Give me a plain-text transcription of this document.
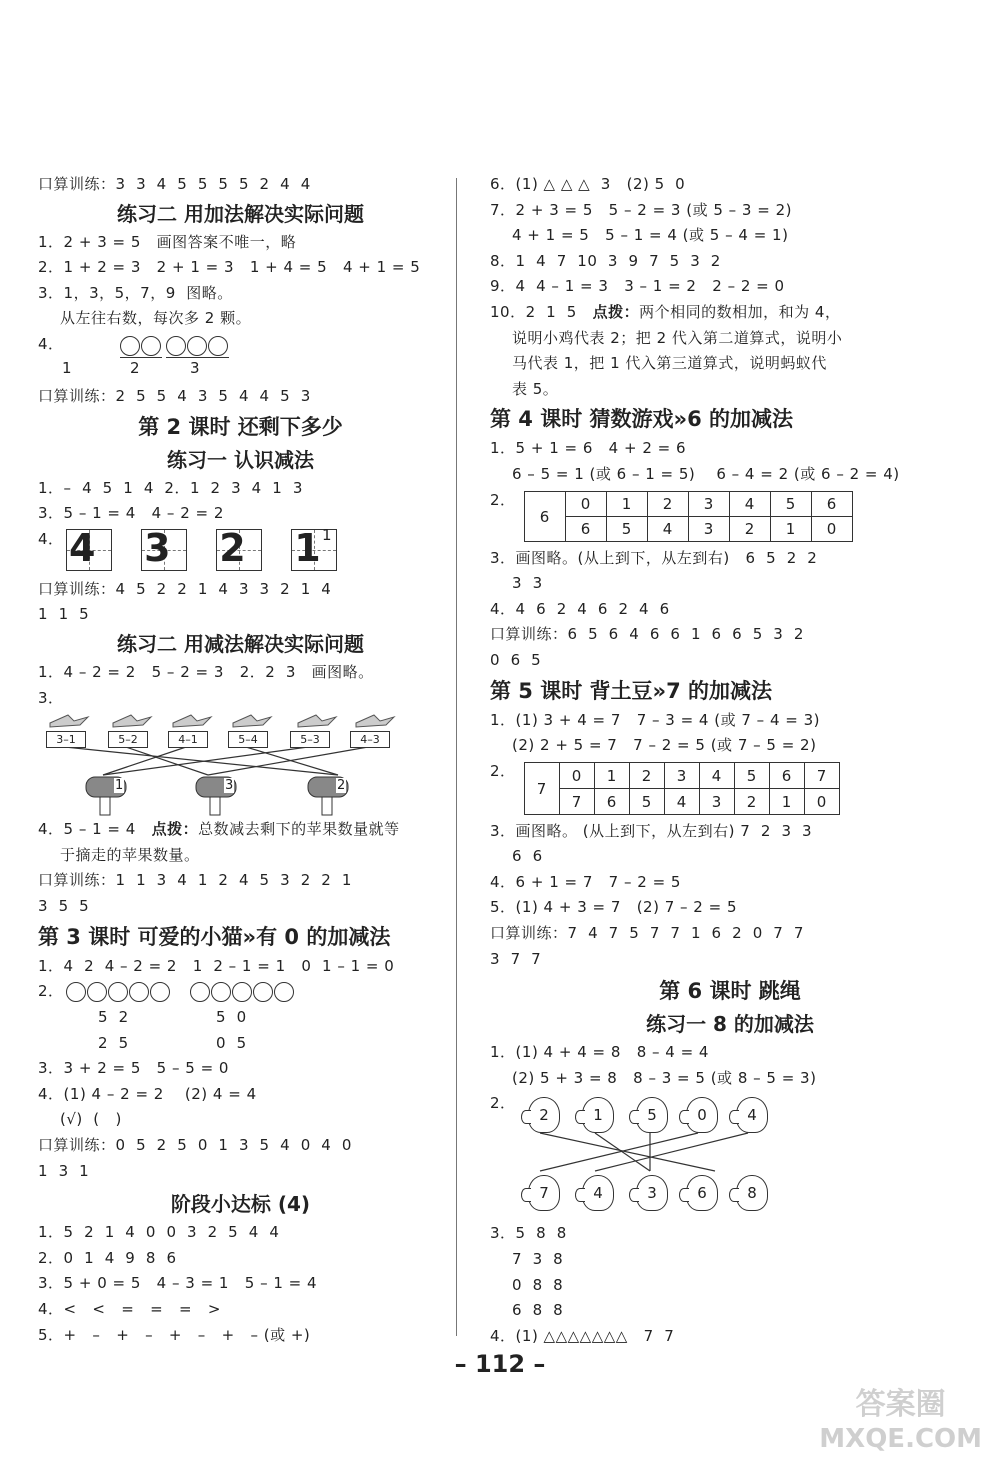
口算训练：3  3  4  5  5  5  5  2  4  4
练习二 用加法解决实际问题
1．2 + 3 = 5   画图答案不唯一，略
2．1 + 2 = 3   2 + 1 = 3   1 + 4 = 5   4 + 1 = 5
3．1，3，5，7，9  图略。
从左往右数，每次多 2 颗。
4．
1	2	3
口算训练：2  5  5  4  3  5  4  4  5  3
第 2 课时 还剩下多少
练习一 认识减法
1．–  4  5  1  4  2．1  2  3  4  1  3
3．5 – 1 = 4   4 – 2 = 2
4． 4
3
2
1 1
口算训练：4  5  2  2  1  4  3  3  2  1  4
1  1  5
练习二 用减法解决实际问题
1．4 – 2 = 2   5 – 2 = 3   2．2  3   画图略。
3．
3–1	5–2	4–1	5–4	5–3	4–3
1	3	2
4．5 – 1 = 4   点拨：总数减去剩下的苹果数量就等
于摘走的苹果数量。
口算训练：1  1  3  4  1  2  4  5  3  2  2  1
3  5  5
第 3 课时 可爱的小猫»有 0 的加减法
1．4  2  4 – 2 = 2   1  2 – 1 = 1   0  1 – 1 = 0
2．
5  2	5  0
2  5	0  5
3．3 + 2 = 5   5 – 5 = 0
4．(1) 4 – 2 = 2    (2) 4 = 4
(√)  (   )
口算训练：0  5  2  5  0  1  3  5  4  0  4  0
1  3  1
阶段小达标 (4)
1．5  2  1  4  0  0  3  2  5  4  4
2．0  1  4  9  8  6
3．5 + 0 = 5   4 – 3 = 1   5 – 1 = 4
4．<   <   =   =   =   >
5．+   –   +   –   +   –   +   – (或 +)
6．(1) △ △ △  3   (2) 5  0
7．2 + 3 = 5   5 – 2 = 3 (或 5 – 3 = 2)
4 + 1 = 5   5 – 1 = 4 (或 5 – 4 = 1)
8．1  4  7  10  3  9  7  5  3  2
9．4  4 – 1 = 3   3 – 1 = 2   2 – 2 = 0
10．2  1  5   点拨：两个相同的数相加，和为 4，
说明小鸡代表 2；把 2 代入第二道算式，说明小
马代表 1，把 1 代入第三道算式，说明蚂蚁代
表 5。
第 4 课时 猜数游戏»6 的加减法
1．5 + 1 = 6   4 + 2 = 6
6 – 5 = 1 (或 6 – 1 = 5)    6 – 4 = 2 (或 6 – 2 = 4)
2．
6	0	1	2	3	4	5	6
	6	5	4	3	2	1	0
3．画图略。(从上到下，从左到右)   6  5  2  2
3  3
4．4  6  2  4  6  2  4  6
口算训练：6  5  6  4  6  6  1  6  6  5  3  2
0  6  5
第 5 课时 背土豆»7 的加减法
1．(1) 3 + 4 = 7   7 – 3 = 4 (或 7 – 4 = 3)
(2) 2 + 5 = 7   7 – 2 = 5 (或 7 – 5 = 2)
2．
7	0	1	2	3	4	5	6	7
	7	6	5	4	3	2	1	0
3．画图略。 (从上到下，从左到右) 7  2  3  3
6  6
4．6 + 1 = 7   7 – 2 = 5
5．(1) 4 + 3 = 7   (2) 7 – 2 = 5
口算训练：7  4  7  5  7  7  1  6  2  0  7  7
3  7  7
第 6 课时 跳绳
练习一 8 的加减法
1．(1) 4 + 4 = 8   8 – 4 = 4
(2) 5 + 3 = 8   8 – 3 = 5 (或 8 – 5 = 3)
2．
2	1	5	0	4
7	4	3	6	8
3．5  8  8
7  3  8
0  8  8
6  8  8
4．(1) △△△△△△△   7  7
– 112 –
答案圈
MXQE.COM
